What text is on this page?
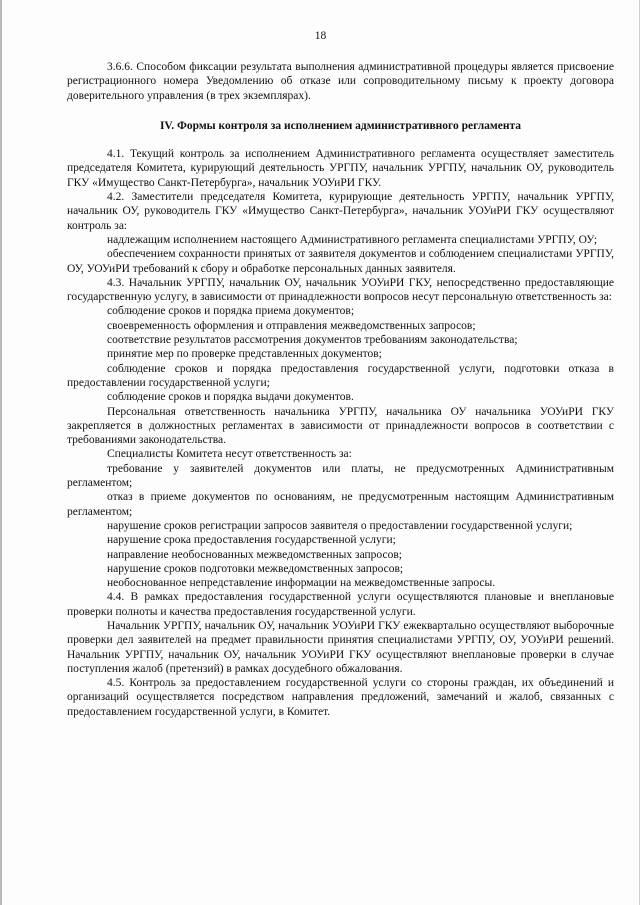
18

3.6.6. Способом фиксации результата выполнения административной процедуры является присвоение регистрационного номера Уведомлению об отказе или сопроводительному письму к проекту договора доверительного управления (в трех экземплярах).

IV. Формы контроля за исполнением административного регламента

4.1. Текущий контроль за исполнением Административного регламента осуществляет заместитель председателя Комитета, курирующий деятельность УРГПУ, начальник УРГПУ, начальник ОУ, руководитель ГКУ «Имущество Санкт-Петербурга», начальник УОУиРИ ГКУ.

4.2. Заместители председателя Комитета, курирующие деятельность УРГПУ, начальник УРГПУ, начальник ОУ, руководитель ГКУ «Имущество Санкт-Петербурга», начальник УОУиРИ ГКУ осуществляют контроль за:

надлежащим исполнением настоящего Административного регламента специалистами УРГПУ, ОУ;

обеспечением сохранности принятых от заявителя документов и соблюдением специалистами УРГПУ, ОУ, УОУиРИ требований к сбору и обработке персональных данных заявителя.

4.3. Начальник УРГПУ, начальник ОУ, начальник УОУиРИ ГКУ, непосредственно предоставляющие государственную услугу, в зависимости от принадлежности вопросов несут персональную ответственность за:

соблюдение сроков и порядка приема документов;

своевременность оформления и отправления межведомственных запросов;

соответствие результатов рассмотрения документов требованиям законодательства;

принятие мер по проверке представленных документов;

соблюдение сроков и порядка предоставления государственной услуги, подготовки отказа в предоставлении государственной услуги;

соблюдение сроков и порядка выдачи документов.

Персональная ответственность начальника УРГПУ, начальника ОУ начальника УОУиРИ ГКУ закрепляется в должностных регламентах в зависимости от принадлежности вопросов в соответствии с требованиями законодательства.

Специалисты Комитета несут ответственность за:

требование у заявителей документов или платы, не предусмотренных Административным регламентом;

отказ в приеме документов по основаниям, не предусмотренным настоящим Административным регламентом;

нарушение сроков регистрации запросов заявителя о предоставлении государственной услуги;

нарушение срока предоставления государственной услуги;

направление необоснованных межведомственных запросов;

нарушение сроков подготовки межведомственных запросов;

необоснованное непредставление информации на межведомственные запросы.

4.4. В рамках предоставления государственной услуги осуществляются плановые и внеплановые проверки полноты и качества предоставления государственной услуги.

Начальник УРГПУ, начальник ОУ, начальник УОУиРИ ГКУ ежеквартально осуществляют выборочные проверки дел заявителей на предмет правильности принятия специалистами УРГПУ, ОУ, УОУиРИ решений. Начальник УРГПУ, начальник ОУ, начальник УОУиРИ ГКУ осуществляют внеплановые проверки в случае поступления жалоб (претензий) в рамках досудебного обжалования.

4.5. Контроль за предоставлением государственной услуги со стороны граждан, их объединений и организаций осуществляется посредством направления предложений, замечаний и жалоб, связанных с предоставлением государственной услуги, в Комитет.
